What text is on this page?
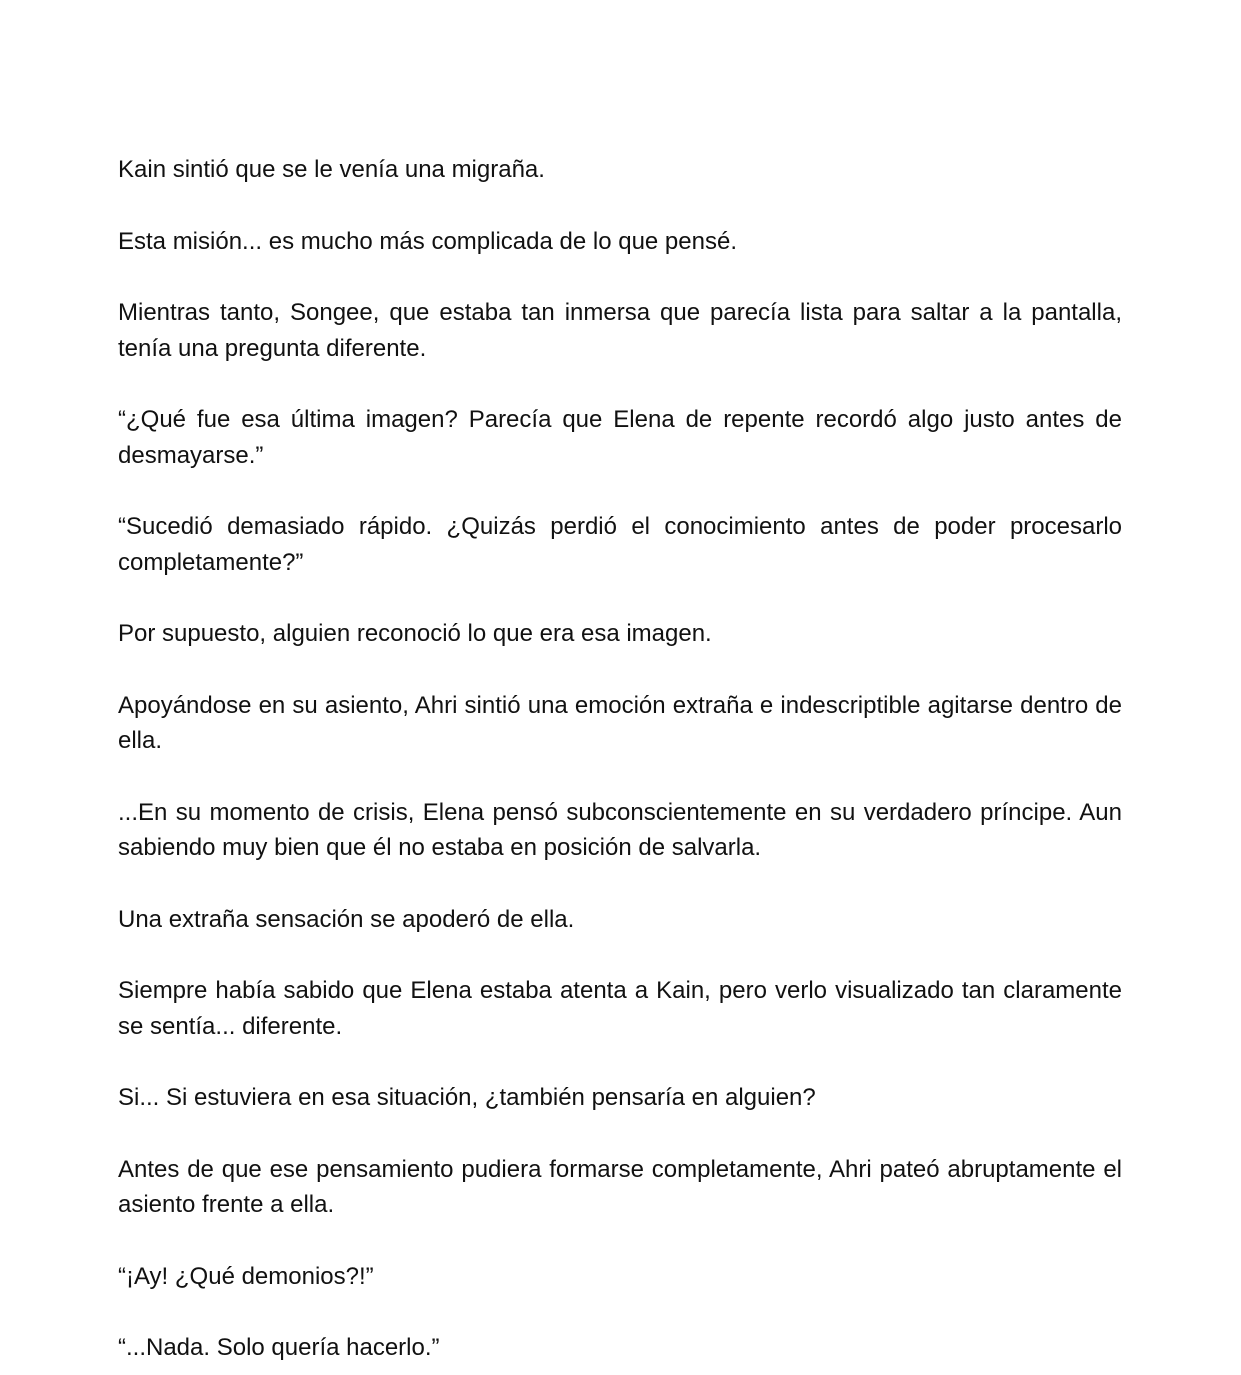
Kain sintió que se le venía una migraña.

Esta misión... es mucho más complicada de lo que pensé.

Mientras tanto, Songee, que estaba tan inmersa que parecía lista para saltar a la pantalla, tenía una pregunta diferente.

“¿Qué fue esa última imagen? Parecía que Elena de repente recordó algo justo antes de desmayarse.”

“Sucedió demasiado rápido. ¿Quizás perdió el conocimiento antes de poder procesarlo completamente?”

Por supuesto, alguien reconoció lo que era esa imagen.

Apoyándose en su asiento, Ahri sintió una emoción extraña e indescriptible agitarse dentro de ella.

...En su momento de crisis, Elena pensó subconscientemente en su verdadero príncipe. Aun sabiendo muy bien que él no estaba en posición de salvarla.

Una extraña sensación se apoderó de ella.

Siempre había sabido que Elena estaba atenta a Kain, pero verlo visualizado tan claramente se sentía... diferente.

Si... Si estuviera en esa situación, ¿también pensaría en alguien?

Antes de que ese pensamiento pudiera formarse completamente, Ahri pateó abruptamente el asiento frente a ella.

“¡Ay! ¿Qué demonios?!”

“...Nada. Solo quería hacerlo.”
